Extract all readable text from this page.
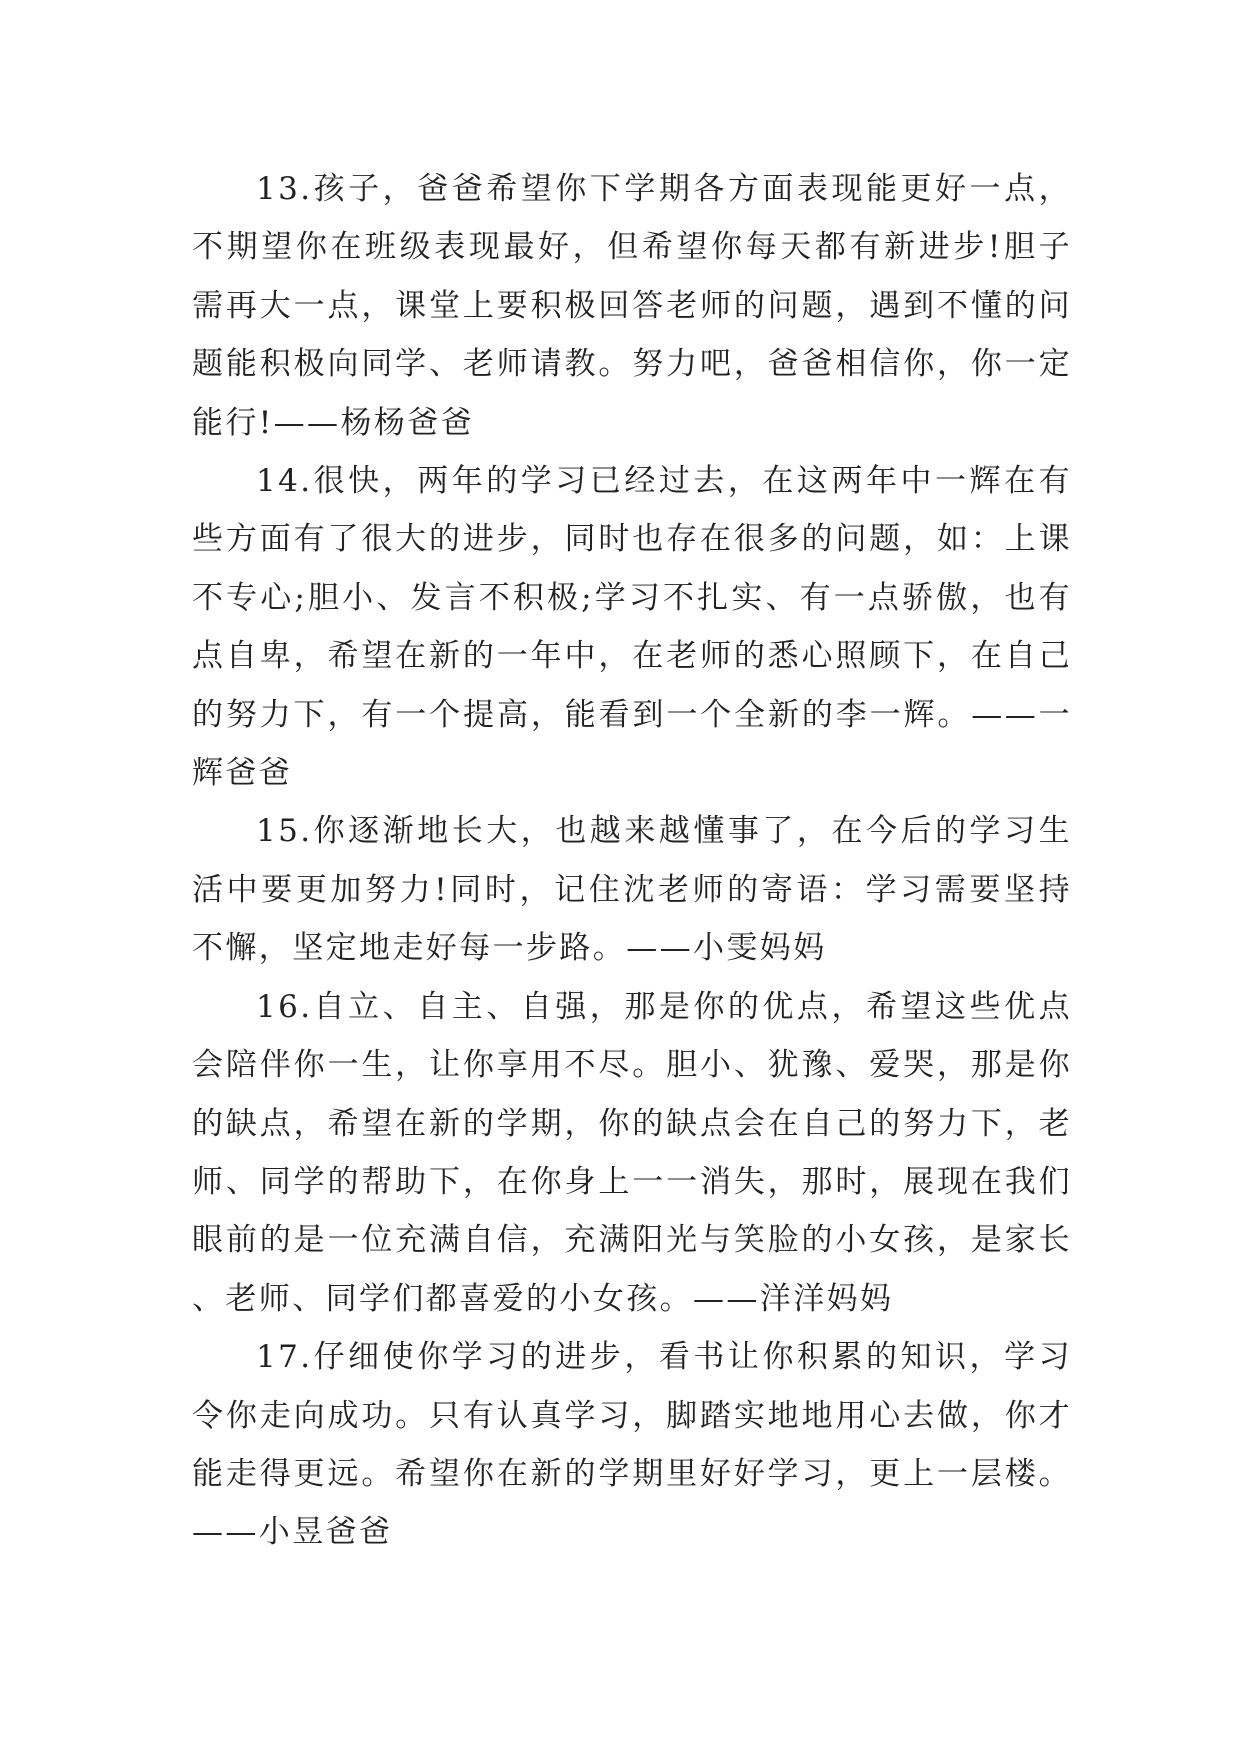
13.孩子，爸爸希望你下学期各方面表现能更好一点，不期望你在班级表现最好，但希望你每天都有新进步!胆子需再大一点，课堂上要积极回答老师的问题，遇到不懂的问题能积极向同学、老师请教。努力吧，爸爸相信你，你一定能行!——杨杨爸爸

14.很快，两年的学习已经过去，在这两年中一辉在有些方面有了很大的进步，同时也存在很多的问题，如：上课不专心;胆小、发言不积极;学习不扎实、有一点骄傲，也有点自卑，希望在新的一年中，在老师的悉心照顾下，在自己的努力下，有一个提高，能看到一个全新的李一辉。——一辉爸爸

15.你逐渐地长大，也越来越懂事了，在今后的学习生活中要更加努力!同时，记住沈老师的寄语：学习需要坚持不懈，坚定地走好每一步路。——小雯妈妈

16.自立、自主、自强，那是你的优点，希望这些优点会陪伴你一生，让你享用不尽。胆小、犹豫、爱哭，那是你的缺点，希望在新的学期，你的缺点会在自己的努力下，老师、同学的帮助下，在你身上一一消失，那时，展现在我们眼前的是一位充满自信，充满阳光与笑脸的小女孩，是家长、老师、同学们都喜爱的小女孩。——洋洋妈妈

17.仔细使你学习的进步，看书让你积累的知识，学习令你走向成功。只有认真学习，脚踏实地地用心去做，你才能走得更远。希望你在新的学期里好好学习，更上一层楼。——小昱爸爸
